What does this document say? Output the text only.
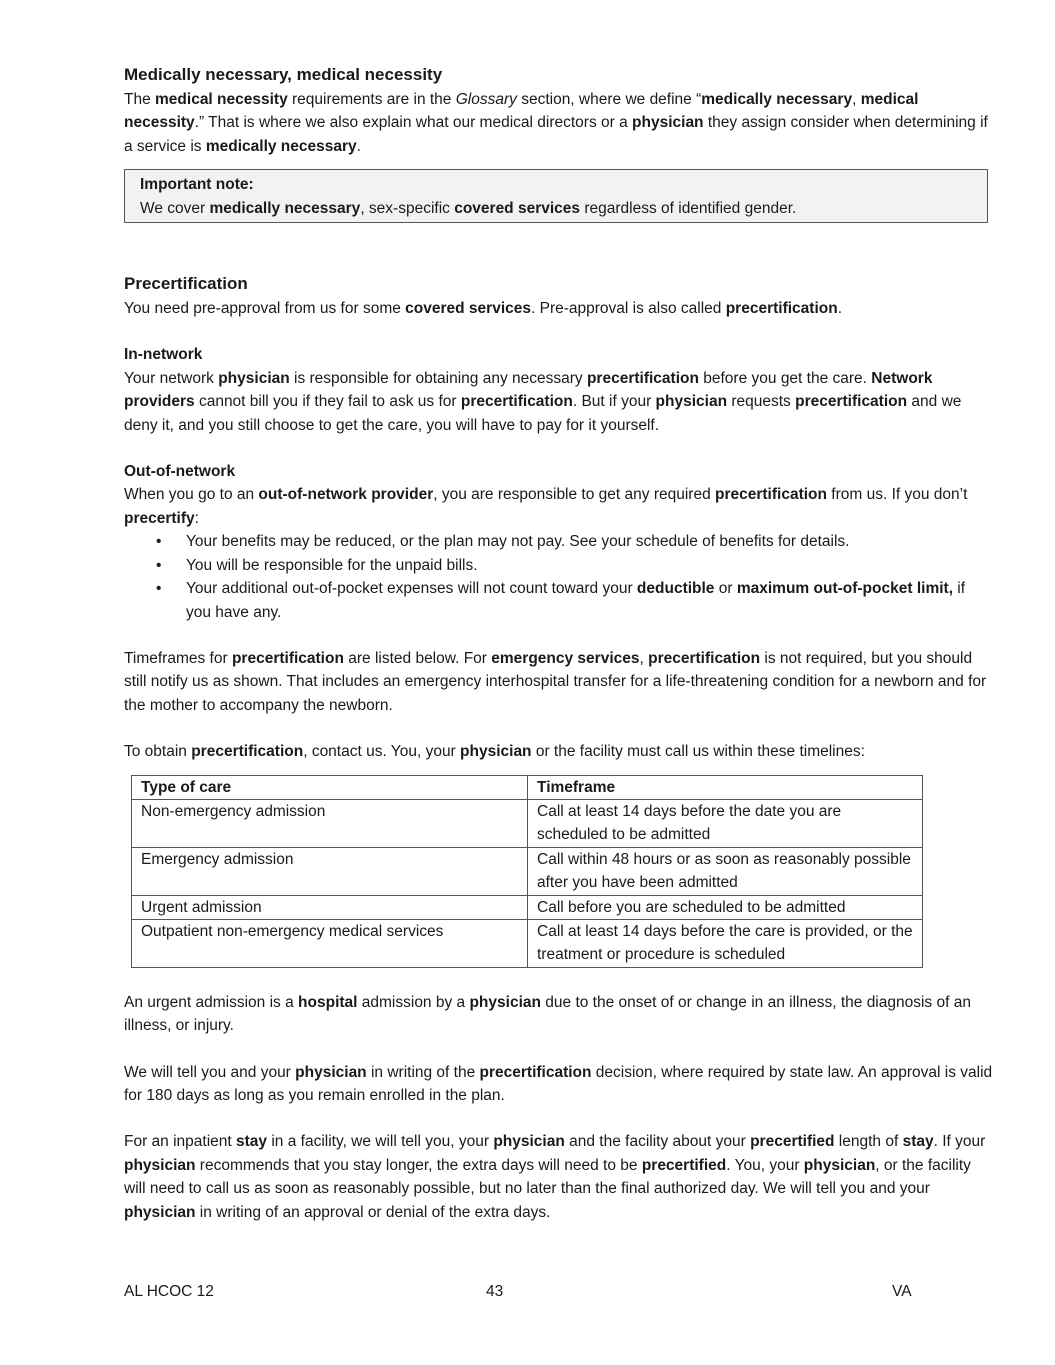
Medically necessary, medical necessity

The medical necessity requirements are in the Glossary section, where we define “medically necessary, medical necessity.” That is where we also explain what our medical directors or a physician they assign consider when determining if a service is medically necessary.

Important note:
We cover medically necessary, sex-specific covered services regardless of identified gender.
Precertification

You need pre-approval from us for some covered services. Pre-approval is also called precertification.

In-network

Your network physician is responsible for obtaining any necessary precertification before you get the care. Network providers cannot bill you if they fail to ask us for precertification. But if your physician requests precertification and we deny it, and you still choose to get the care, you will have to pay for it yourself.

Out-of-network

When you go to an out-of-network provider, you are responsible to get any required precertification from us. If you don’t precertify:

• Your benefits may be reduced, or the plan may not pay. See your schedule of benefits for details.
• You will be responsible for the unpaid bills.
• Your additional out-of-pocket expenses will not count toward your deductible or maximum out-of-pocket limit, if you have any.

Timeframes for precertification are listed below. For emergency services, precertification is not required, but you should still notify us as shown. That includes an emergency interhospital transfer for a life-threatening condition for a newborn and for the mother to accompany the newborn.

To obtain precertification, contact us. You, your physician or the facility must call us within these timelines:

Type of care	Timeframe
Non-emergency admission	Call at least 14 days before the date you are scheduled to be admitted
Emergency admission	Call within 48 hours or as soon as reasonably possible after you have been admitted
Urgent admission	Call before you are scheduled to be admitted
Outpatient non-emergency medical services	Call at least 14 days before the care is provided, or the treatment or procedure is scheduled

An urgent admission is a hospital admission by a physician due to the onset of or change in an illness, the diagnosis of an illness, or injury.

We will tell you and your physician in writing of the precertification decision, where required by state law. An approval is valid for 180 days as long as you remain enrolled in the plan.

For an inpatient stay in a facility, we will tell you, your physician and the facility about your precertified length of stay. If your physician recommends that you stay longer, the extra days will need to be precertified. You, your physician, or the facility will need to call us as soon as reasonably possible, but no later than the final authorized day. We will tell you and your physician in writing of an approval or denial of the extra days.

AL HCOC 12	43	VA
